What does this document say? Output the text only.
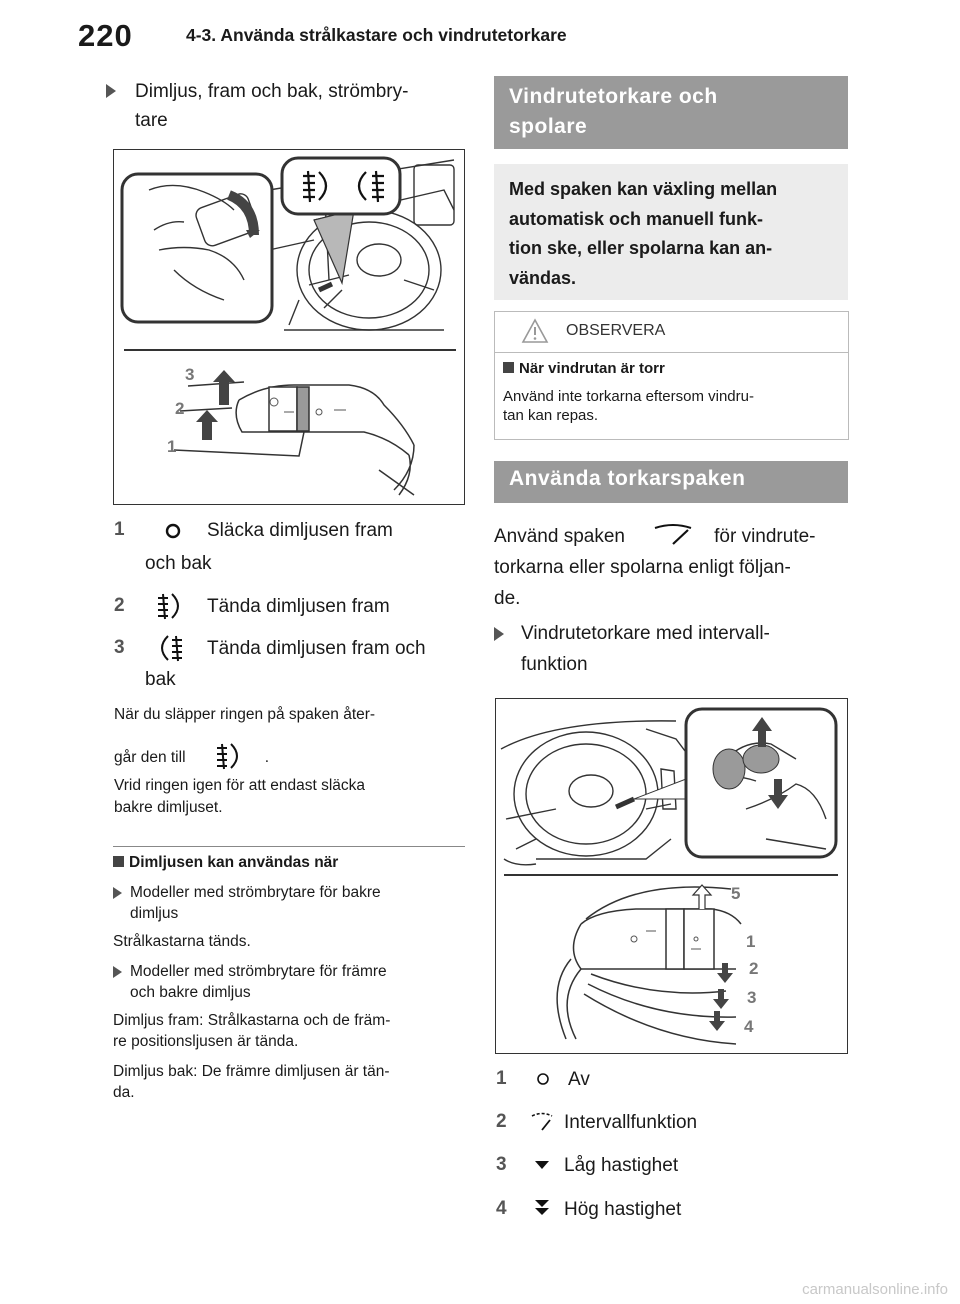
220	4-3. Använda strålkastare och vindrutetorkare
Dimljus, fram och bak, strömbry-
tare
3
2
1
1	Släcka dimljusen fram
och bak
2	Tända dimljusen fram
3	Tända dimljusen fram och
bak
När du släpper ringen på spaken åter-
går den till	.
Vrid ringen igen för att endast släcka
bakre dimljuset.
Dimljusen kan användas när
Modeller med strömbrytare för bakre
dimljus
Strålkastarna tänds.
Modeller med strömbrytare för främre
och bakre dimljus
Dimljus fram: Strålkastarna och de främ-
re positionsljusen är tända.
Dimljus bak: De främre dimljusen är tän-
da.
Vindrutetorkare och
spolare
Med spaken kan växling mellan
automatisk och manuell funk-
tion ske, eller spolarna kan an-
vändas.
OBSERVERA
När vindrutan är torr
Använd inte torkarna eftersom vindru-
tan kan repas.
Använda torkarspaken
Använd spaken	för vindrute-
torkarna eller spolarna enligt följan-
de.
Vindrutetorkare med intervall-
funktion
5
1
2
3
4
1	Av
2	Intervallfunktion
3	Låg hastighet
4	Hög hastighet
carmanualsonline.info
